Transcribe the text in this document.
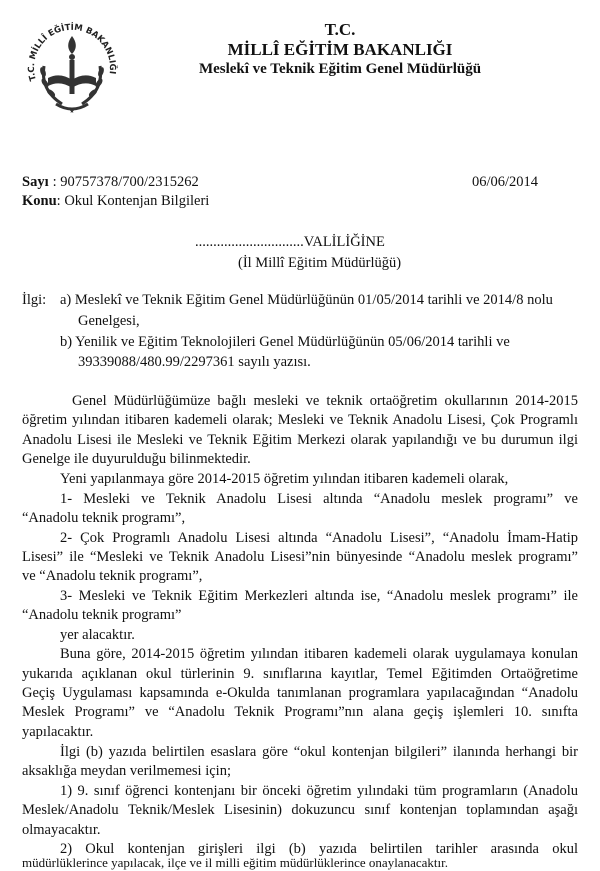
T.C. MİLLÎ EĞİTİM BAKANLIĞI
★
T.C.
MİLLÎ EĞİTİM BAKANLIĞI
Meslekî ve Teknik Eğitim Genel Müdürlüğü
Sayı : 90757378/700/2315262	06/06/2014
Konu: Okul Kontenjan Bilgileri
..............................VALİLİĞİNE
(İl Millî Eğitim Müdürlüğü)
İlgi: a) Meslekî ve Teknik Eğitim Genel Müdürlüğünün 01/05/2014 tarihli ve 2014/8 nolu
Genelgesi,
b) Yenilik ve Eğitim Teknolojileri Genel Müdürlüğünün 05/06/2014 tarihli ve
39339088/480.99/2297361 sayılı yazısı.
Genel Müdürlüğümüze bağlı mesleki ve teknik ortaöğretim okullarının 2014-2015
öğretim yılından itibaren kademeli olarak; Mesleki ve Teknik Anadolu Lisesi, Çok Programlı
Anadolu Lisesi ile Mesleki ve Teknik Eğitim Merkezi olarak yapılandığı ve bu durumun ilgi
Genelge ile duyurulduğu bilinmektedir.
Yeni yapılanmaya göre 2014-2015 öğretim yılından itibaren kademeli olarak,
1- Mesleki ve Teknik Anadolu Lisesi altında “Anadolu meslek programı” ve
“Anadolu teknik programı”,
2- Çok Programlı Anadolu Lisesi altında “Anadolu Lisesi”, “Anadolu İmam-Hatip
Lisesi” ile “Mesleki ve Teknik Anadolu Lisesi”nin bünyesinde “Anadolu meslek programı”
ve “Anadolu teknik programı”,
3- Mesleki ve Teknik Eğitim Merkezleri altında ise, “Anadolu meslek programı” ile
“Anadolu teknik programı”
yer alacaktır.
Buna göre, 2014-2015 öğretim yılından itibaren kademeli olarak uygulamaya konulan
yukarıda açıklanan okul türlerinin 9. sınıflarına kayıtlar, Temel Eğitimden Ortaöğretime
Geçiş Uygulaması kapsamında e-Okulda tanımlanan programlara yapılacağından “Anadolu
Meslek Programı” ve “Anadolu Teknik Programı”nın alana geçiş işlemleri 10. sınıfta
yapılacaktır.
İlgi (b) yazıda belirtilen esaslara göre “okul kontenjan bilgileri” ilanında herhangi bir
aksaklığa meydan verilmemesi için;
1) 9. sınıf öğrenci kontenjanı bir önceki öğretim yılındaki tüm programların (Anadolu
Meslek/Anadolu Teknik/Meslek Lisesinin) dokuzuncu sınıf kontenjan toplamından aşağı
olmayacaktır.
2) Okul kontenjan girişleri ilgi (b) yazıda belirtilen tarihler arasında okul
müdürlüklerince yapılacak, ilçe ve il milli eğitim müdürlüklerince onaylanacaktır.
